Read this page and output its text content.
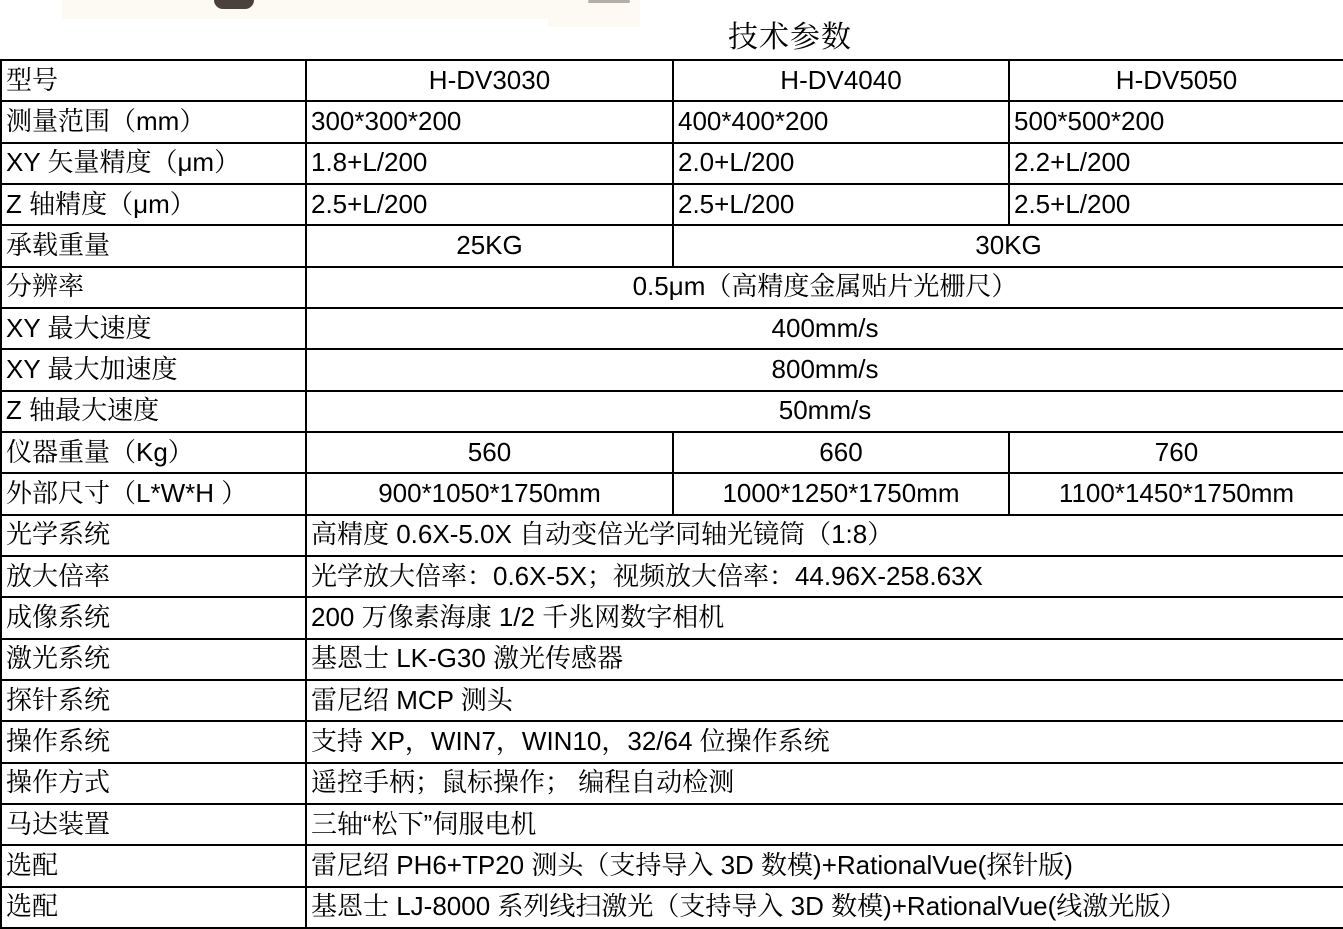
技术参数
型号	H-DV3030	H-DV4040	H-DV5050
测量范围（mm）	300*300*200	400*400*200	500*500*200
XY 矢量精度（μm）	1.8+L/200	2.0+L/200	2.2+L/200
Z 轴精度（μm）	2.5+L/200	2.5+L/200	2.5+L/200
承载重量	25KG	30KG	
分辨率	0.5μm（高精度金属贴片光栅尺）		
XY 最大速度	400mm/s		
XY 最大加速度	800mm/s		
Z 轴最大速度	50mm/s		
仪器重量（Kg）	560	660	760
外部尺寸（L*W*H ）	900*1050*1750mm	1000*1250*1750mm	1100*1450*1750mm
光学系统	高精度 0.6X-5.0X 自动变倍光学同轴光镜筒（1:8）		
放大倍率	光学放大倍率：0.6X-5X；视频放大倍率：44.96X-258.63X		
成像系统	200 万像素海康 1/2 千兆网数字相机		
激光系统	基恩士 LK-G30 激光传感器		
探针系统	雷尼绍 MCP 测头		
操作系统	支持 XP，WIN7，WIN10，32/64 位操作系统		
操作方式	遥控手柄；鼠标操作； 编程自动检测		
马达装置	三轴“松下”伺服电机		
选配	雷尼绍 PH6+TP20 测头（支持导入 3D 数模)+RationalVue(探针版)		
选配	基恩士 LJ-8000 系列线扫激光（支持导入 3D 数模)+RationalVue(线激光版）		
